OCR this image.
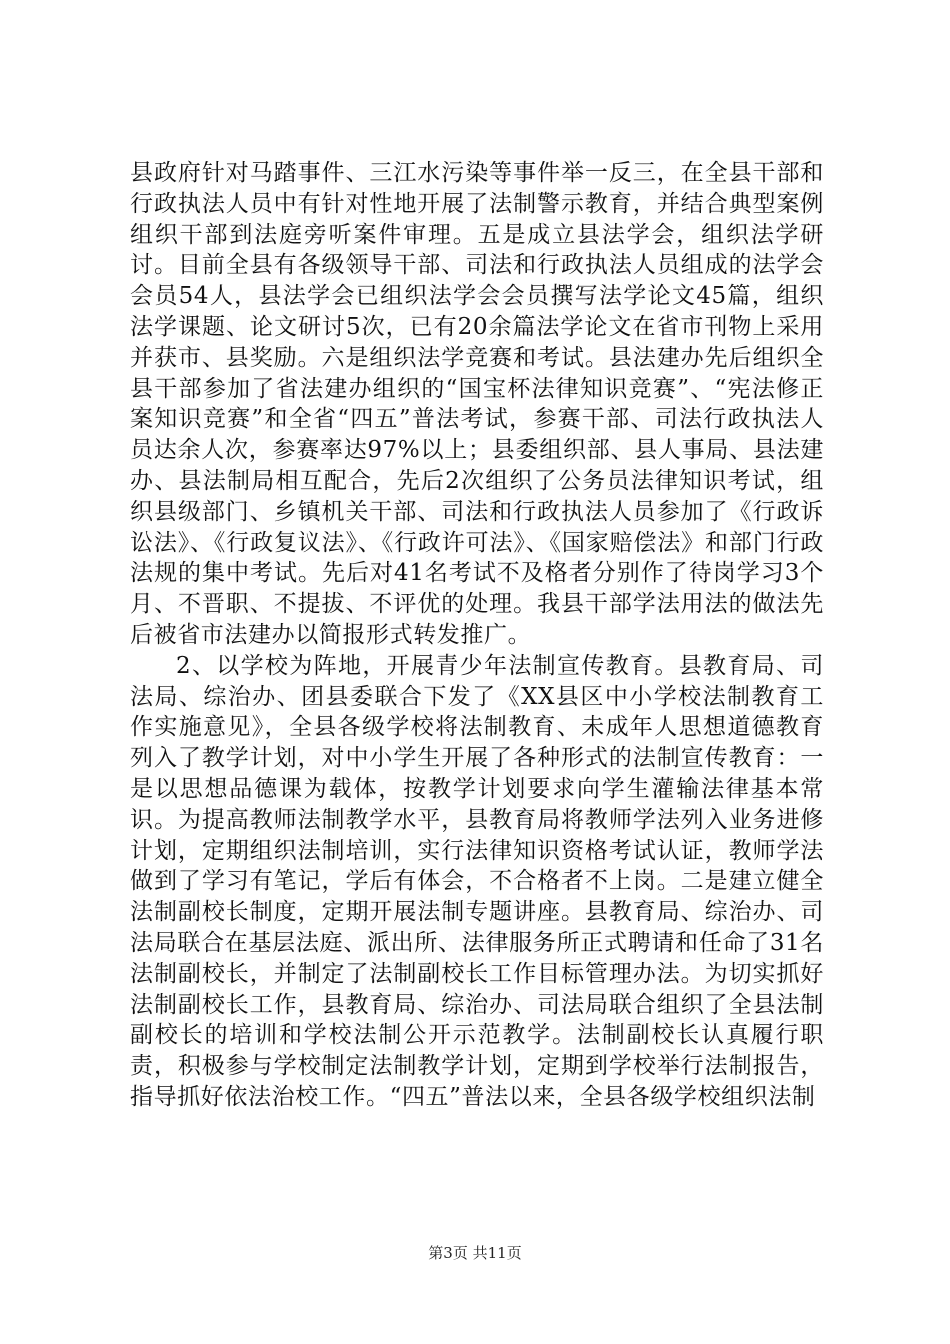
县政府针对马踏事件、三江水污染等事件举一反三，在全县干部和行政执法人员中有针对性地开展了法制警示教育，并结合典型案例组织干部到法庭旁听案件审理。五是成立县法学会，组织法学研讨。目前全县有各级领导干部、司法和行政执法人员组成的法学会会员54人，县法学会已组织法学会会员撰写法学论文45篇，组织法学课题、论文研讨5次，已有20余篇法学论文在省市刊物上采用并获市、县奖励。六是组织法学竞赛和考试。县法建办先后组织全县干部参加了省法建办组织的“国宝杯法律知识竞赛”、“宪法修正案知识竞赛”和全省“四五”普法考试，参赛干部、司法行政执法人员达余人次，参赛率达97%以上；县委组织部、县人事局、县法建办、县法制局相互配合，先后2次组织了公务员法律知识考试，组织县级部门、乡镇机关干部、司法和行政执法人员参加了《行政诉讼法》、《行政复议法》、《行政许可法》、《国家赔偿法》和部门行政法规的集中考试。先后对41名考试不及格者分别作了待岗学习3个月、不晋职、不提拔、不评优的处理。我县干部学法用法的做法先后被省市法建办以简报形式转发推广。

2、以学校为阵地，开展青少年法制宣传教育。县教育局、司法局、综治办、团县委联合下发了《XX县区中小学校法制教育工作实施意见》，全县各级学校将法制教育、未成年人思想道德教育列入了教学计划，对中小学生开展了各种形式的法制宣传教育：一是以思想品德课为载体，按教学计划要求向学生灌输法律基本常识。为提高教师法制教学水平，县教育局将教师学法列入业务进修计划，定期组织法制培训，实行法律知识资格考试认证，教师学法做到了学习有笔记，学后有体会，不合格者不上岗。二是建立健全法制副校长制度，定期开展法制专题讲座。县教育局、综治办、司法局联合在基层法庭、派出所、法律服务所正式聘请和任命了31名法制副校长，并制定了法制副校长工作目标管理办法。为切实抓好法制副校长工作，县教育局、综治办、司法局联合组织了全县法制副校长的培训和学校法制公开示范教学。法制副校长认真履行职责，积极参与学校制定法制教学计划，定期到学校举行法制报告，指导抓好依法治校工作。“四五”普法以来，全县各级学校组织法制

第3页 共11页
